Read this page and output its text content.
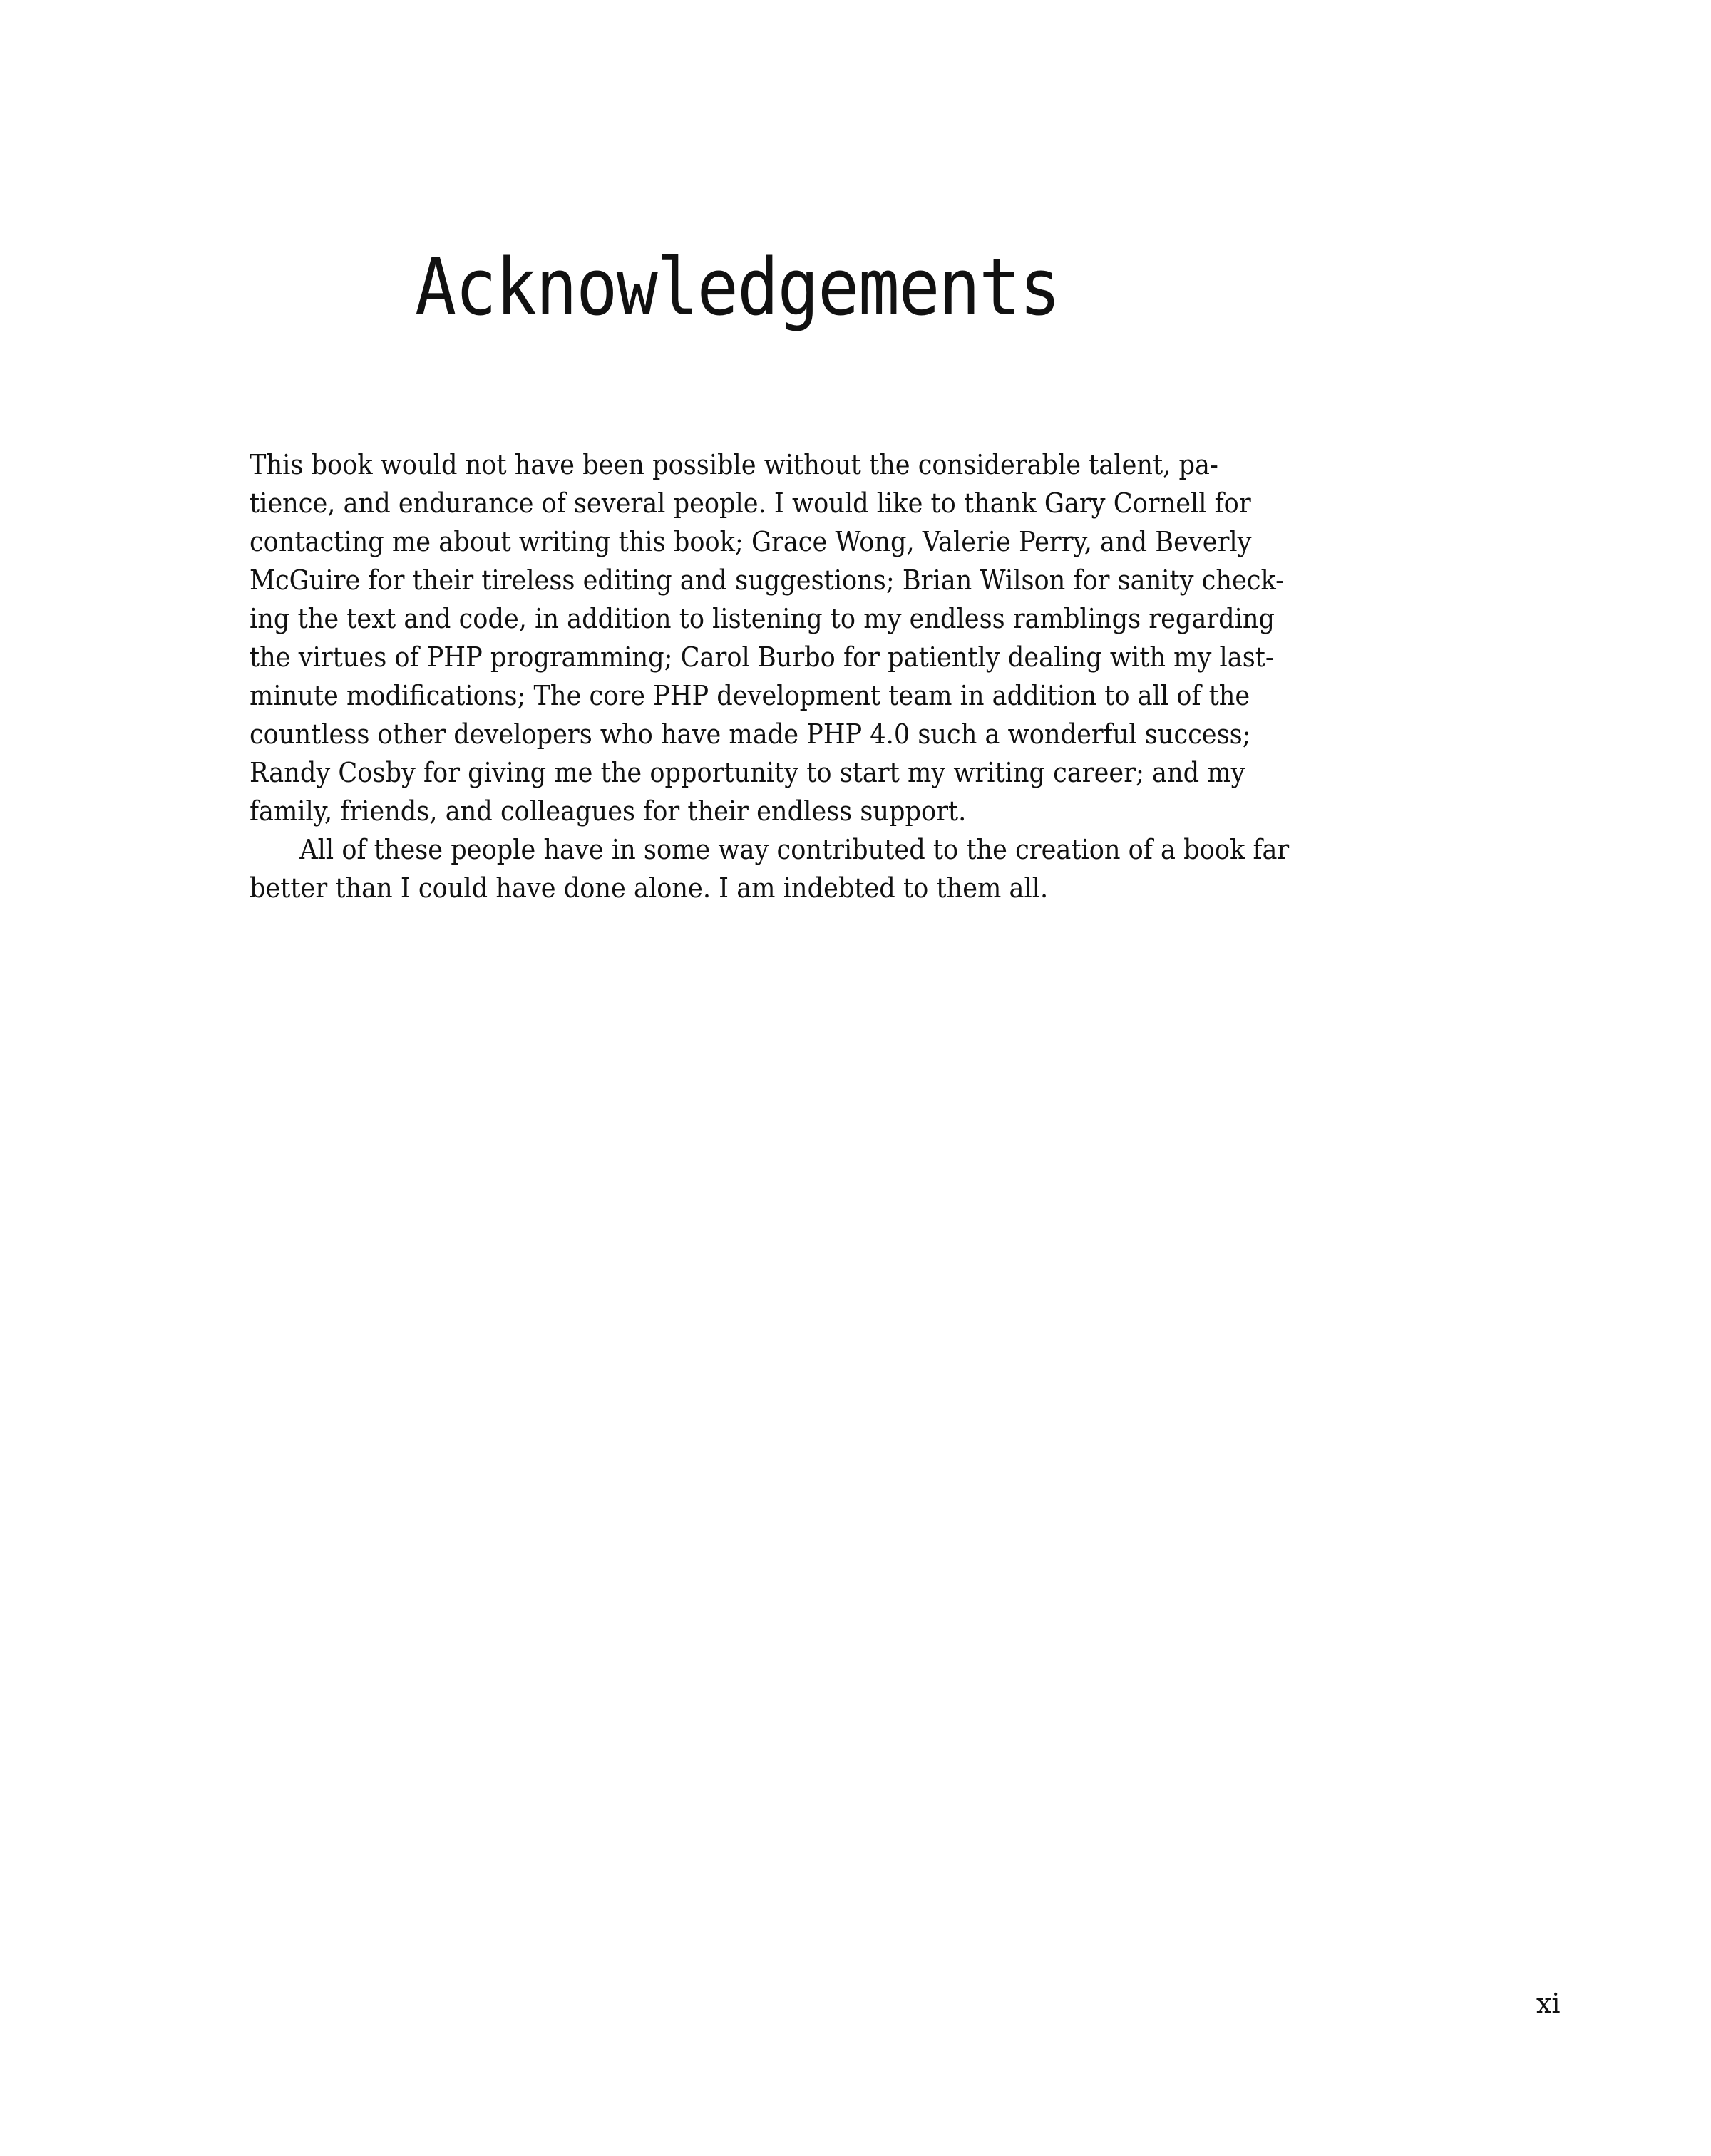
Acknowledgements
This book would not have been possible without the considerable talent, pa-
tience, and endurance of several people. I would like to thank Gary Cornell for
contacting me about writing this book; Grace Wong, Valerie Perry, and Beverly
McGuire for their tireless editing and suggestions; Brian Wilson for sanity check-
ing the text and code, in addition to listening to my endless ramblings regarding
the virtues of PHP programming; Carol Burbo for patiently dealing with my last-
minute modifications; The core PHP development team in addition to all of the
countless other developers who have made PHP 4.0 such a wonderful success;
Randy Cosby for giving me the opportunity to start my writing career; and my
family, friends, and colleagues for their endless support.
All of these people have in some way contributed to the creation of a book far
better than I could have done alone. I am indebted to them all.
xi
